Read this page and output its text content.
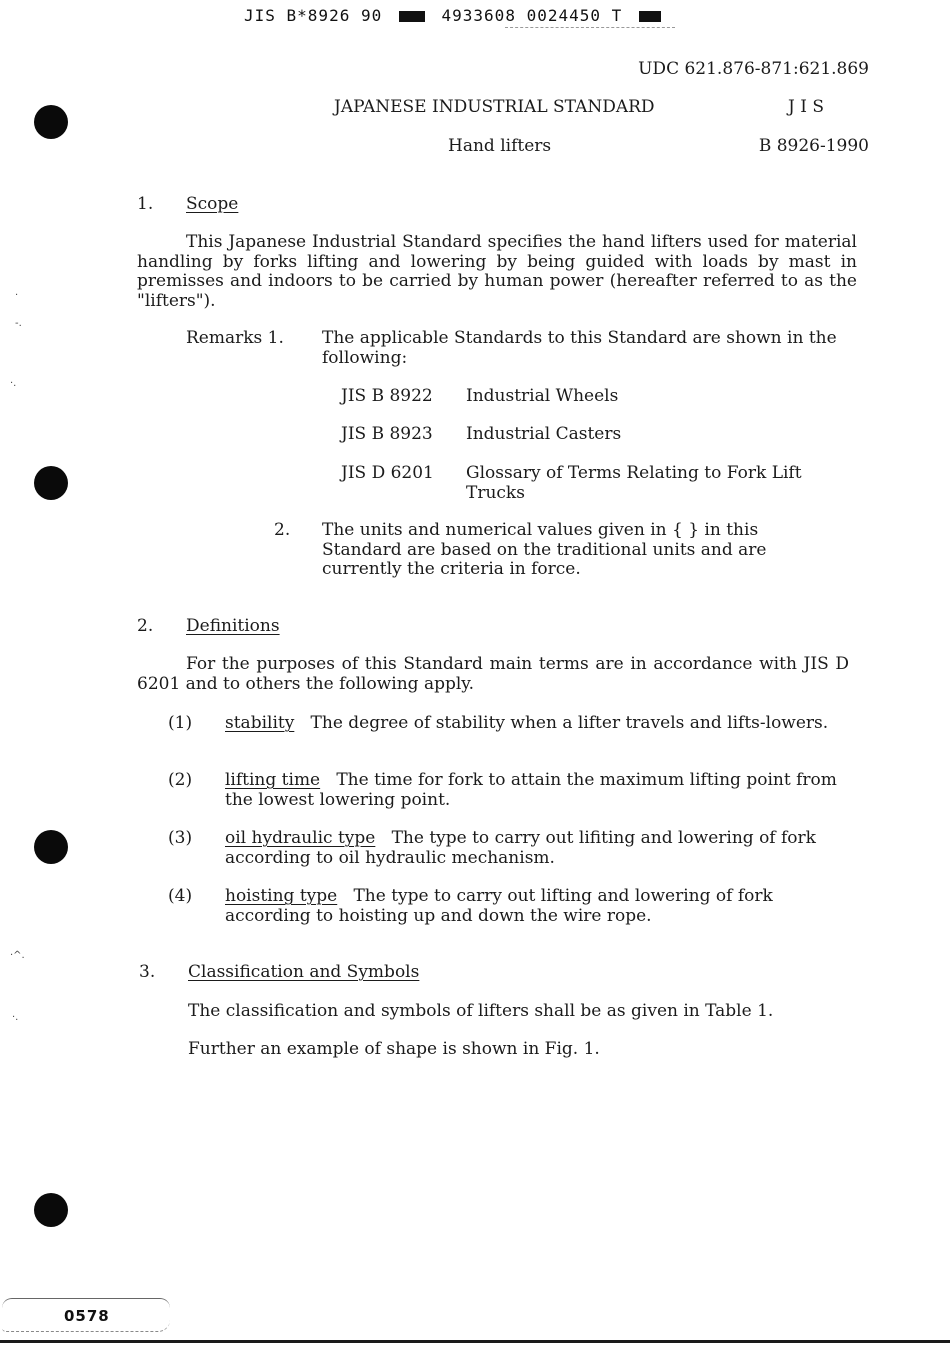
·
-.
·.
·^.
·.
JIS B*8926 90	4933608 0024450 T
UDC 621.876-871:621.869
JAPANESE INDUSTRIAL STANDARD	J I S
Hand lifters	B 8926-1990
1. Scope
This Japanese Industrial Standard specifies the hand lifters used for material handling by forks lifting and lowering by being guided with loads by mast in premisses and indoors to be carried by human power (hereafter referred to as the "lifters").
Remarks 1. The applicable Standards to this Standard are shown in the following:
JIS B 8922 Industrial Wheels
JIS B 8923 Industrial Casters
JIS D 6201	Glossary of Terms Relating to Fork Lift Trucks
2. The units and numerical values given in { } in this Standard are based on the traditional units and are currently the criteria in force.
2. Definitions
For the purposes of this Standard main terms are in accordance with JIS D 6201 and to others the following apply.
(1) stability The degree of stability when a lifter travels and lifts-lowers.
(2) lifting time The time for fork to attain the maximum lifting point from the lowest lowering point.
(3) oil hydraulic type The type to carry out lifiting and lowering of fork according to oil hydraulic mechanism.
(4) hoisting type The type to carry out lifting and lowering of fork according to hoisting up and down the wire rope.
3. Classification and Symbols
The classification and symbols of lifters shall be as given in Table 1.
Further an example of shape is shown in Fig. 1.
0578
